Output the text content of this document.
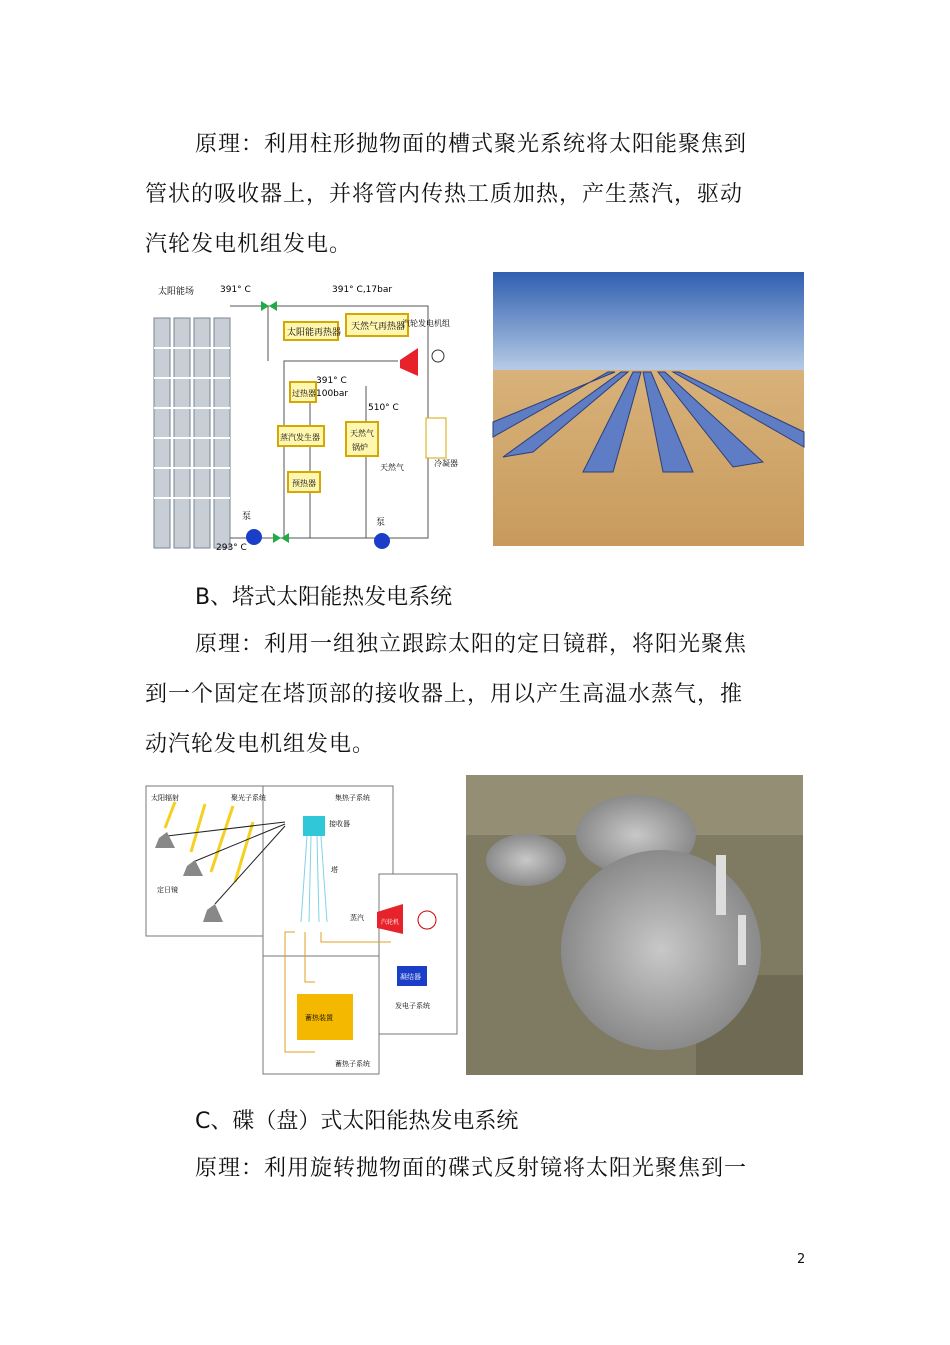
原理：利用柱形抛物面的槽式聚光系统将太阳能聚焦到管状的吸收器上，并将管内传热工质加热，产生蒸汽，驱动汽轮发电机组发电。

太阳能场	391° C	391° C,17bar
太阳能再热器
天然气再热器
汽轮发电机组
391° C
100bar
过热器
510° C
蒸汽发生器	天然气
锅炉
天然气	冷凝器
预热器
泵
泵
293° C

B、塔式太阳能热发电系统

原理：利用一组独立跟踪太阳的定日镜群，将阳光聚焦到一个固定在塔顶部的接收器上，用以产生高温水蒸气，推动汽轮发电机组发电。

太阳辐射	聚光子系统	集热子系统
定日镜
接收器
塔
蒸汽
汽轮机
凝结器
蓄热装置
发电子系统
蓄热子系统

C、碟（盘）式太阳能热发电系统

原理：利用旋转抛物面的碟式反射镜将太阳光聚焦到一

2
